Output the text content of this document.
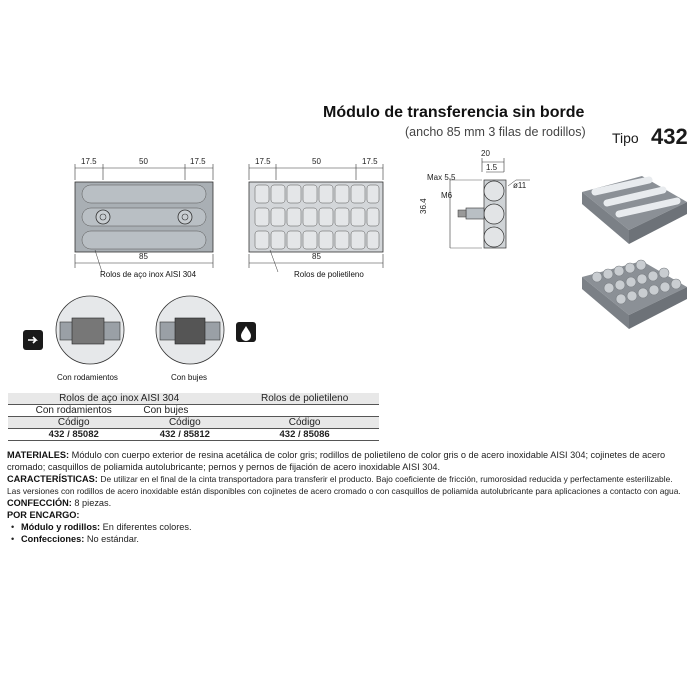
Módulo de transferencia sin borde
(ancho 85 mm 3 filas de rodillos) Tipo 432
17.5	50	17.5
85
Rolos de aço inox AISI 304
17.5	50	17.5
85
Rolos de polietileno
20
1.5
Max 5.5
ø11
M6
36.4
Con rodamientos	Con bujes
Rolos de aço inox AISI 304		Rolos de polietileno
Con rodamientos	Con bujes	
Código	Código	Código
432 / 85082	432 / 85812	432 / 85086

MATERIALES: Módulo con cuerpo exterior de resina acetálica de color gris; rodillos de polietileno de color gris o de acero inoxidable AISI 304; cojinetes de acero cromado; casquillos de poliamida autolubricante; pernos y pernos de fijación de acero inoxidable AISI 304.

CARACTERÍSTICAS: De utilizar en el final de la cinta transportadora para transferir el producto. Bajo coeficiente de fricción, rumorosidad reducida y perfectamente esterilizable.

Las versiones con rodillos de acero inoxidable están disponibles con cojinetes de acero cromado o con casquillos de poliamida autolubricante para aplicaciones a contacto con agua.

CONFECCIÓN: 8 piezas.

POR ENCARGO:

• Módulo y rodillos: En diferentes colores.
• Confecciones: No estándar.
